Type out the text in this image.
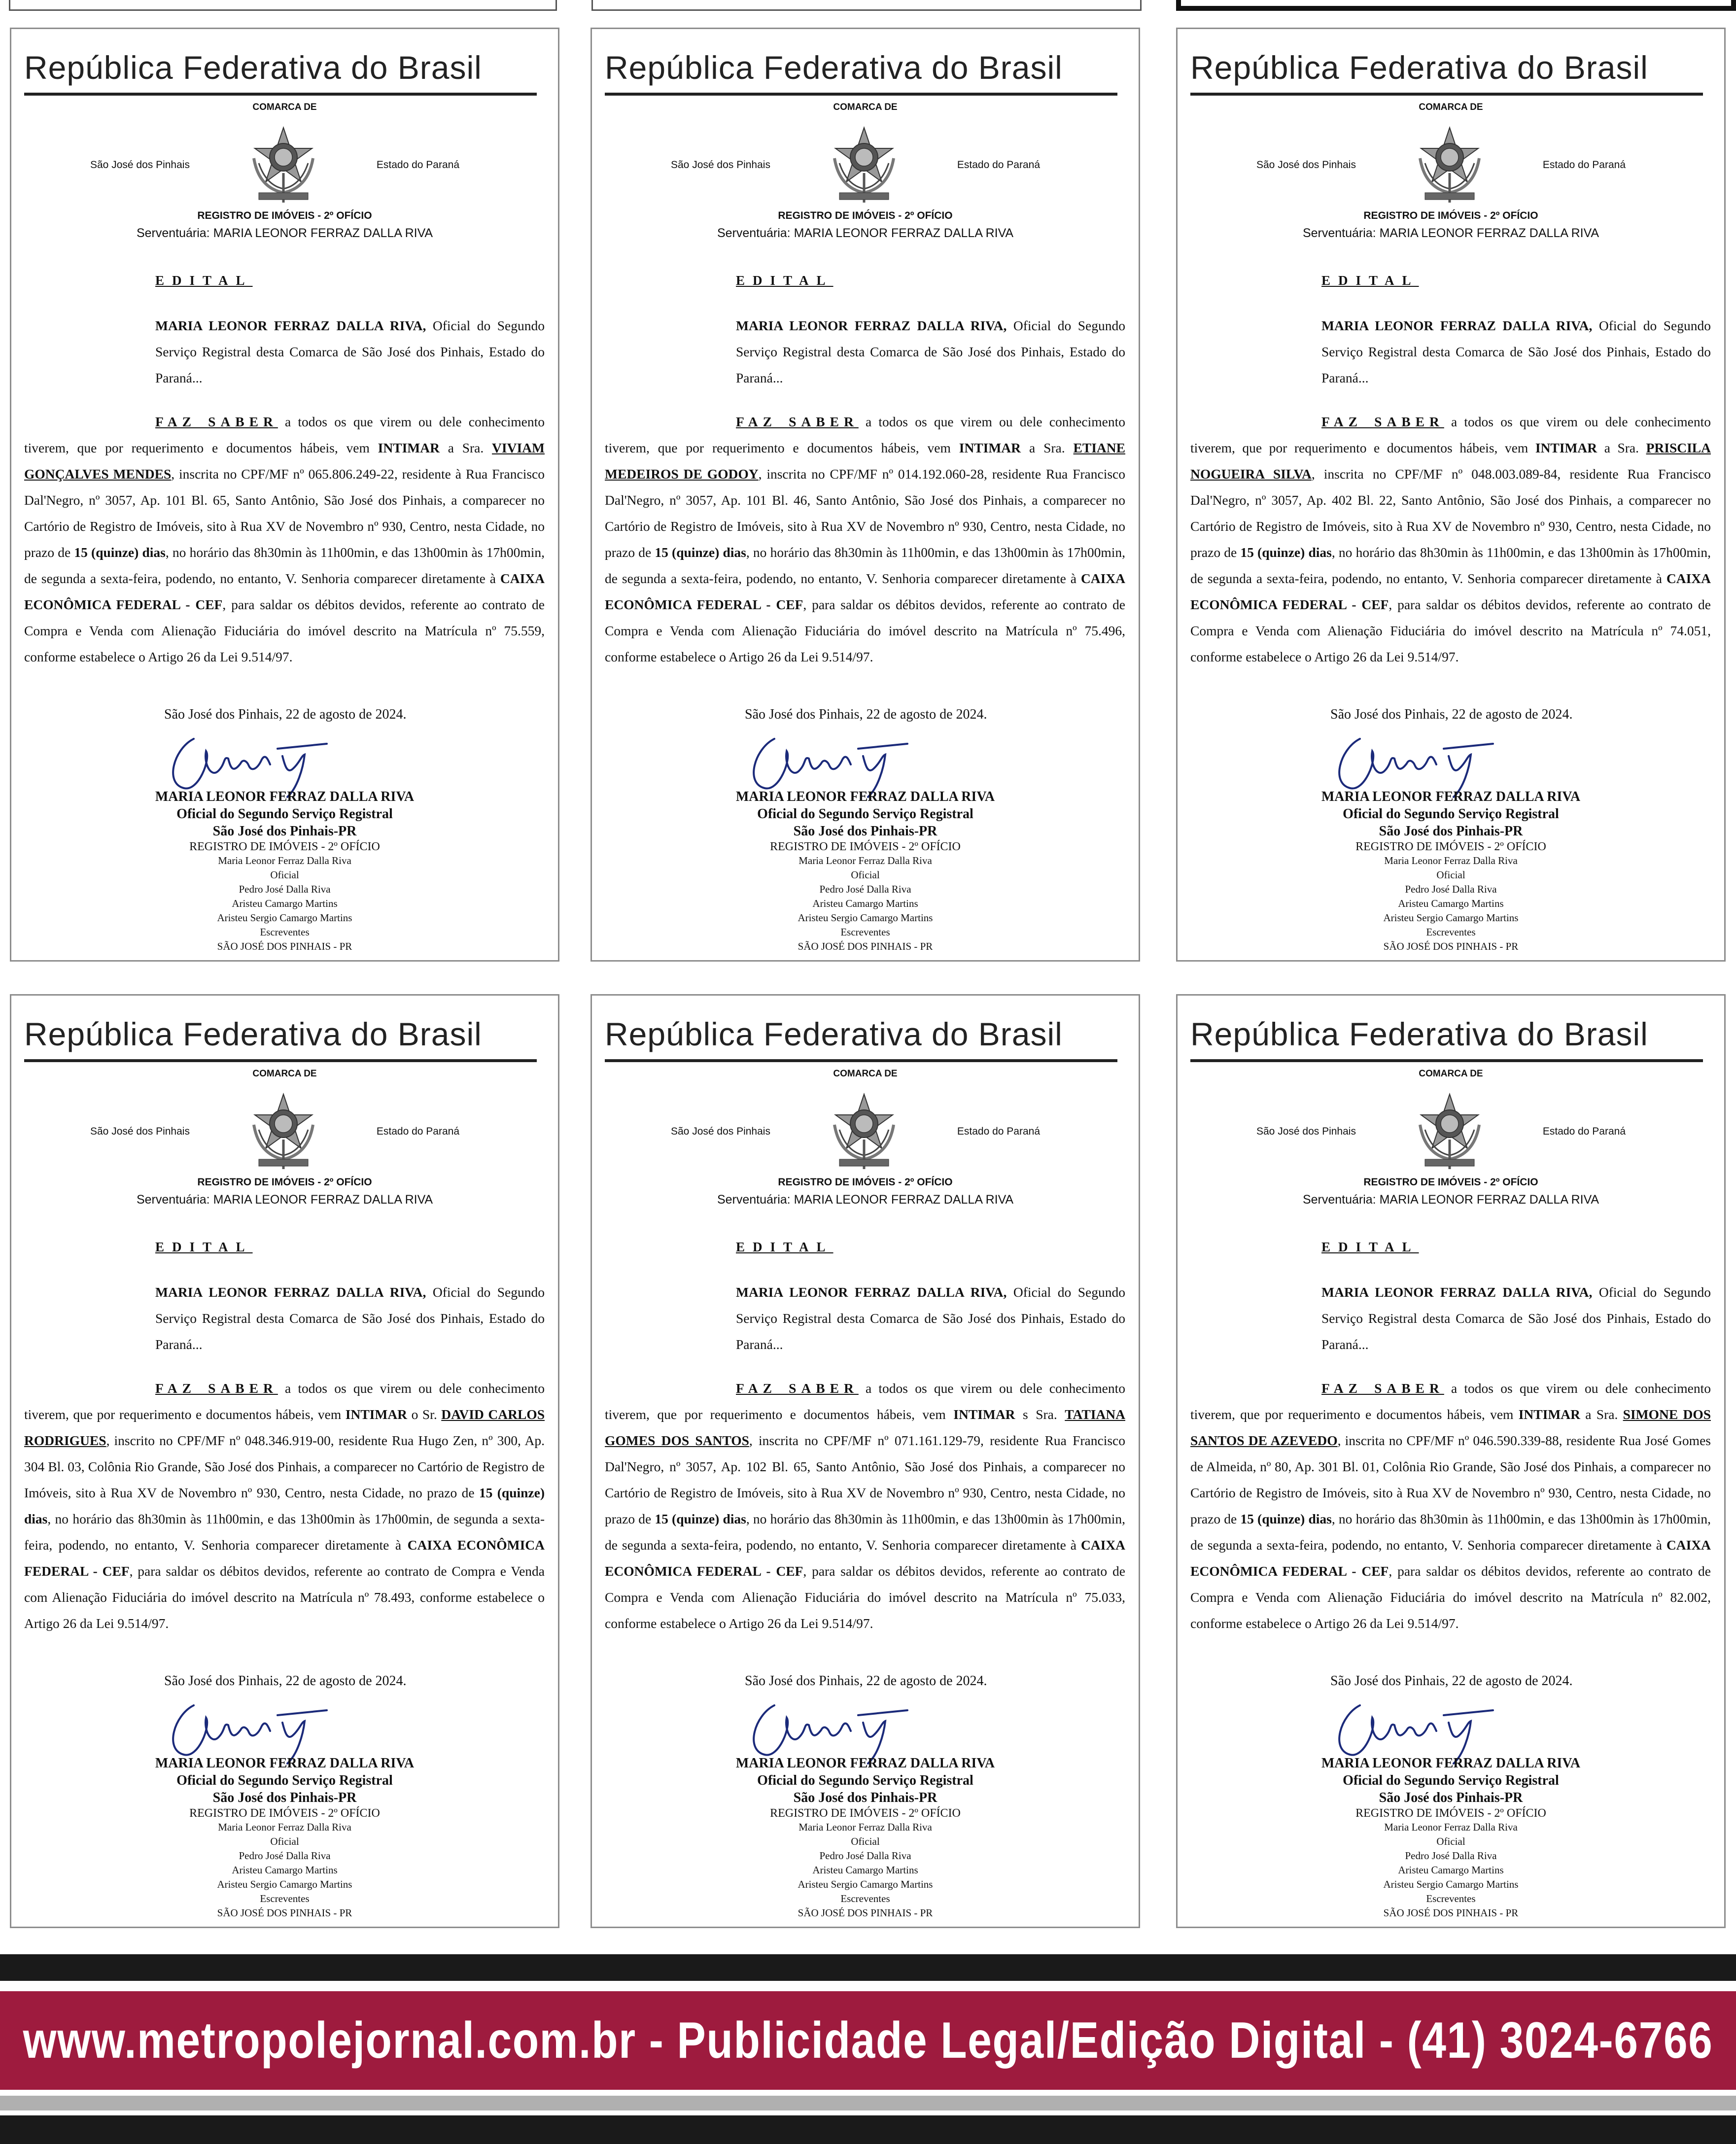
República Federativa do Brasil
COMARCA DE
São José dos Pinhais	Estado do Paraná
REGISTRO DE IMÓVEIS - 2º OFÍCIO
Serventuária: MARIA LEONOR FERRAZ DALLA RIVA
EDITAL
MARIA LEONOR FERRAZ DALLA RIVA, Oficial do Segundo Serviço Registral desta Comarca de São José dos Pinhais, Estado do Paraná...
FAZ SABER a todos os que virem ou dele conhecimento tiverem, que por requerimento e documentos hábeis, vem INTIMAR a Sra. VIVIAM GONÇALVES MENDES, inscrita no CPF/MF nº 065.806.249-22, residente à Rua Francisco Dal'Negro, nº 3057, Ap. 101 Bl. 65, Santo Antônio, São José dos Pinhais, a comparecer no Cartório de Registro de Imóveis, sito à Rua XV de Novembro nº 930, Centro, nesta Cidade, no prazo de 15 (quinze) dias, no horário das 8h30min às 11h00min, e das 13h00min às 17h00min, de segunda a sexta-feira, podendo, no entanto, V. Senhoria comparecer diretamente à CAIXA ECONÔMICA FEDERAL - CEF, para saldar os débitos devidos, referente ao contrato de Compra e Venda com Alienação Fiduciária do imóvel descrito na Matrícula nº 75.559, conforme estabelece o Artigo 26 da Lei 9.514/97.
São José dos Pinhais, 22 de agosto de 2024.
MARIA LEONOR FERRAZ DALLA RIVA
Oficial do Segundo Serviço Registral
São José dos Pinhais-PR
REGISTRO DE IMÓVEIS - 2º OFÍCIO
Maria Leonor Ferraz Dalla Riva
Oficial
Pedro José Dalla Riva
Aristeu Camargo Martins
Aristeu Sergio Camargo Martins
Escreventes
SÃO JOSÉ DOS PINHAIS - PR
República Federativa do Brasil
COMARCA DE
São José dos Pinhais	Estado do Paraná
REGISTRO DE IMÓVEIS - 2º OFÍCIO
Serventuária: MARIA LEONOR FERRAZ DALLA RIVA
EDITAL
MARIA LEONOR FERRAZ DALLA RIVA, Oficial do Segundo Serviço Registral desta Comarca de São José dos Pinhais, Estado do Paraná...
FAZ SABER a todos os que virem ou dele conhecimento tiverem, que por requerimento e documentos hábeis, vem INTIMAR a Sra. ETIANE MEDEIROS DE GODOY, inscrita no CPF/MF nº 014.192.060-28, residente Rua Francisco Dal'Negro, nº 3057, Ap. 101 Bl. 46, Santo Antônio, São José dos Pinhais, a comparecer no Cartório de Registro de Imóveis, sito à Rua XV de Novembro nº 930, Centro, nesta Cidade, no prazo de 15 (quinze) dias, no horário das 8h30min às 11h00min, e das 13h00min às 17h00min, de segunda a sexta-feira, podendo, no entanto, V. Senhoria comparecer diretamente à CAIXA ECONÔMICA FEDERAL - CEF, para saldar os débitos devidos, referente ao contrato de Compra e Venda com Alienação Fiduciária do imóvel descrito na Matrícula nº 75.496, conforme estabelece o Artigo 26 da Lei 9.514/97.
São José dos Pinhais, 22 de agosto de 2024.
MARIA LEONOR FERRAZ DALLA RIVA
Oficial do Segundo Serviço Registral
São José dos Pinhais-PR
REGISTRO DE IMÓVEIS - 2º OFÍCIO
Maria Leonor Ferraz Dalla Riva
Oficial
Pedro José Dalla Riva
Aristeu Camargo Martins
Aristeu Sergio Camargo Martins
Escreventes
SÃO JOSÉ DOS PINHAIS - PR
República Federativa do Brasil
COMARCA DE
São José dos Pinhais	Estado do Paraná
REGISTRO DE IMÓVEIS - 2º OFÍCIO
Serventuária: MARIA LEONOR FERRAZ DALLA RIVA
EDITAL
MARIA LEONOR FERRAZ DALLA RIVA, Oficial do Segundo Serviço Registral desta Comarca de São José dos Pinhais, Estado do Paraná...
FAZ SABER a todos os que virem ou dele conhecimento tiverem, que por requerimento e documentos hábeis, vem INTIMAR a Sra. PRISCILA NOGUEIRA SILVA, inscrita no CPF/MF nº 048.003.089-84, residente Rua Francisco Dal'Negro, nº 3057, Ap. 402 Bl. 22, Santo Antônio, São José dos Pinhais, a comparecer no Cartório de Registro de Imóveis, sito à Rua XV de Novembro nº 930, Centro, nesta Cidade, no prazo de 15 (quinze) dias, no horário das 8h30min às 11h00min, e das 13h00min às 17h00min, de segunda a sexta-feira, podendo, no entanto, V. Senhoria comparecer diretamente à CAIXA ECONÔMICA FEDERAL - CEF, para saldar os débitos devidos, referente ao contrato de Compra e Venda com Alienação Fiduciária do imóvel descrito na Matrícula nº 74.051, conforme estabelece o Artigo 26 da Lei 9.514/97.
São José dos Pinhais, 22 de agosto de 2024.
MARIA LEONOR FERRAZ DALLA RIVA
Oficial do Segundo Serviço Registral
São José dos Pinhais-PR
REGISTRO DE IMÓVEIS - 2º OFÍCIO
Maria Leonor Ferraz Dalla Riva
Oficial
Pedro José Dalla Riva
Aristeu Camargo Martins
Aristeu Sergio Camargo Martins
Escreventes
SÃO JOSÉ DOS PINHAIS - PR
República Federativa do Brasil
COMARCA DE
São José dos Pinhais	Estado do Paraná
REGISTRO DE IMÓVEIS - 2º OFÍCIO
Serventuária: MARIA LEONOR FERRAZ DALLA RIVA
EDITAL
MARIA LEONOR FERRAZ DALLA RIVA, Oficial do Segundo Serviço Registral desta Comarca de São José dos Pinhais, Estado do Paraná...
FAZ SABER a todos os que virem ou dele conhecimento tiverem, que por requerimento e documentos hábeis, vem INTIMAR o Sr. DAVID CARLOS RODRIGUES, inscrito no CPF/MF nº 048.346.919-00, residente Rua Hugo Zen, nº 300, Ap. 304 Bl. 03, Colônia Rio Grande, São José dos Pinhais, a comparecer no Cartório de Registro de Imóveis, sito à Rua XV de Novembro nº 930, Centro, nesta Cidade, no prazo de 15 (quinze) dias, no horário das 8h30min às 11h00min, e das 13h00min às 17h00min, de segunda a sexta-feira, podendo, no entanto, V. Senhoria comparecer diretamente à CAIXA ECONÔMICA FEDERAL - CEF, para saldar os débitos devidos, referente ao contrato de Compra e Venda com Alienação Fiduciária do imóvel descrito na Matrícula nº 78.493, conforme estabelece o Artigo 26 da Lei 9.514/97.
São José dos Pinhais, 22 de agosto de 2024.
MARIA LEONOR FERRAZ DALLA RIVA
Oficial do Segundo Serviço Registral
São José dos Pinhais-PR
REGISTRO DE IMÓVEIS - 2º OFÍCIO
Maria Leonor Ferraz Dalla Riva
Oficial
Pedro José Dalla Riva
Aristeu Camargo Martins
Aristeu Sergio Camargo Martins
Escreventes
SÃO JOSÉ DOS PINHAIS - PR
República Federativa do Brasil
COMARCA DE
São José dos Pinhais	Estado do Paraná
REGISTRO DE IMÓVEIS - 2º OFÍCIO
Serventuária: MARIA LEONOR FERRAZ DALLA RIVA
EDITAL
MARIA LEONOR FERRAZ DALLA RIVA, Oficial do Segundo Serviço Registral desta Comarca de São José dos Pinhais, Estado do Paraná...
FAZ SABER a todos os que virem ou dele conhecimento tiverem, que por requerimento e documentos hábeis, vem INTIMAR s Sra. TATIANA GOMES DOS SANTOS, inscrita no CPF/MF nº 071.161.129-79, residente Rua Francisco Dal'Negro, nº 3057, Ap. 102 Bl. 65, Santo Antônio, São José dos Pinhais, a comparecer no Cartório de Registro de Imóveis, sito à Rua XV de Novembro nº 930, Centro, nesta Cidade, no prazo de 15 (quinze) dias, no horário das 8h30min às 11h00min, e das 13h00min às 17h00min, de segunda a sexta-feira, podendo, no entanto, V. Senhoria comparecer diretamente à CAIXA ECONÔMICA FEDERAL - CEF, para saldar os débitos devidos, referente ao contrato de Compra e Venda com Alienação Fiduciária do imóvel descrito na Matrícula nº 75.033, conforme estabelece o Artigo 26 da Lei 9.514/97.
São José dos Pinhais, 22 de agosto de 2024.
MARIA LEONOR FERRAZ DALLA RIVA
Oficial do Segundo Serviço Registral
São José dos Pinhais-PR
REGISTRO DE IMÓVEIS - 2º OFÍCIO
Maria Leonor Ferraz Dalla Riva
Oficial
Pedro José Dalla Riva
Aristeu Camargo Martins
Aristeu Sergio Camargo Martins
Escreventes
SÃO JOSÉ DOS PINHAIS - PR
República Federativa do Brasil
COMARCA DE
São José dos Pinhais	Estado do Paraná
REGISTRO DE IMÓVEIS - 2º OFÍCIO
Serventuária: MARIA LEONOR FERRAZ DALLA RIVA
EDITAL
MARIA LEONOR FERRAZ DALLA RIVA, Oficial do Segundo Serviço Registral desta Comarca de São José dos Pinhais, Estado do Paraná...
FAZ SABER a todos os que virem ou dele conhecimento tiverem, que por requerimento e documentos hábeis, vem INTIMAR a Sra. SIMONE DOS SANTOS DE AZEVEDO, inscrita no CPF/MF nº 046.590.339-88, residente Rua José Gomes de Almeida, nº 80, Ap. 301 Bl. 01, Colônia Rio Grande, São José dos Pinhais, a comparecer no Cartório de Registro de Imóveis, sito à Rua XV de Novembro nº 930, Centro, nesta Cidade, no prazo de 15 (quinze) dias, no horário das 8h30min às 11h00min, e das 13h00min às 17h00min, de segunda a sexta-feira, podendo, no entanto, V. Senhoria comparecer diretamente à CAIXA ECONÔMICA FEDERAL - CEF, para saldar os débitos devidos, referente ao contrato de Compra e Venda com Alienação Fiduciária do imóvel descrito na Matrícula nº 82.002, conforme estabelece o Artigo 26 da Lei 9.514/97.
São José dos Pinhais, 22 de agosto de 2024.
MARIA LEONOR FERRAZ DALLA RIVA
Oficial do Segundo Serviço Registral
São José dos Pinhais-PR
REGISTRO DE IMÓVEIS - 2º OFÍCIO
Maria Leonor Ferraz Dalla Riva
Oficial
Pedro José Dalla Riva
Aristeu Camargo Martins
Aristeu Sergio Camargo Martins
Escreventes
SÃO JOSÉ DOS PINHAIS - PR
www.metropolejornal.com.br - Publicidade Legal/Edição Digital - (41) 3024-6766
